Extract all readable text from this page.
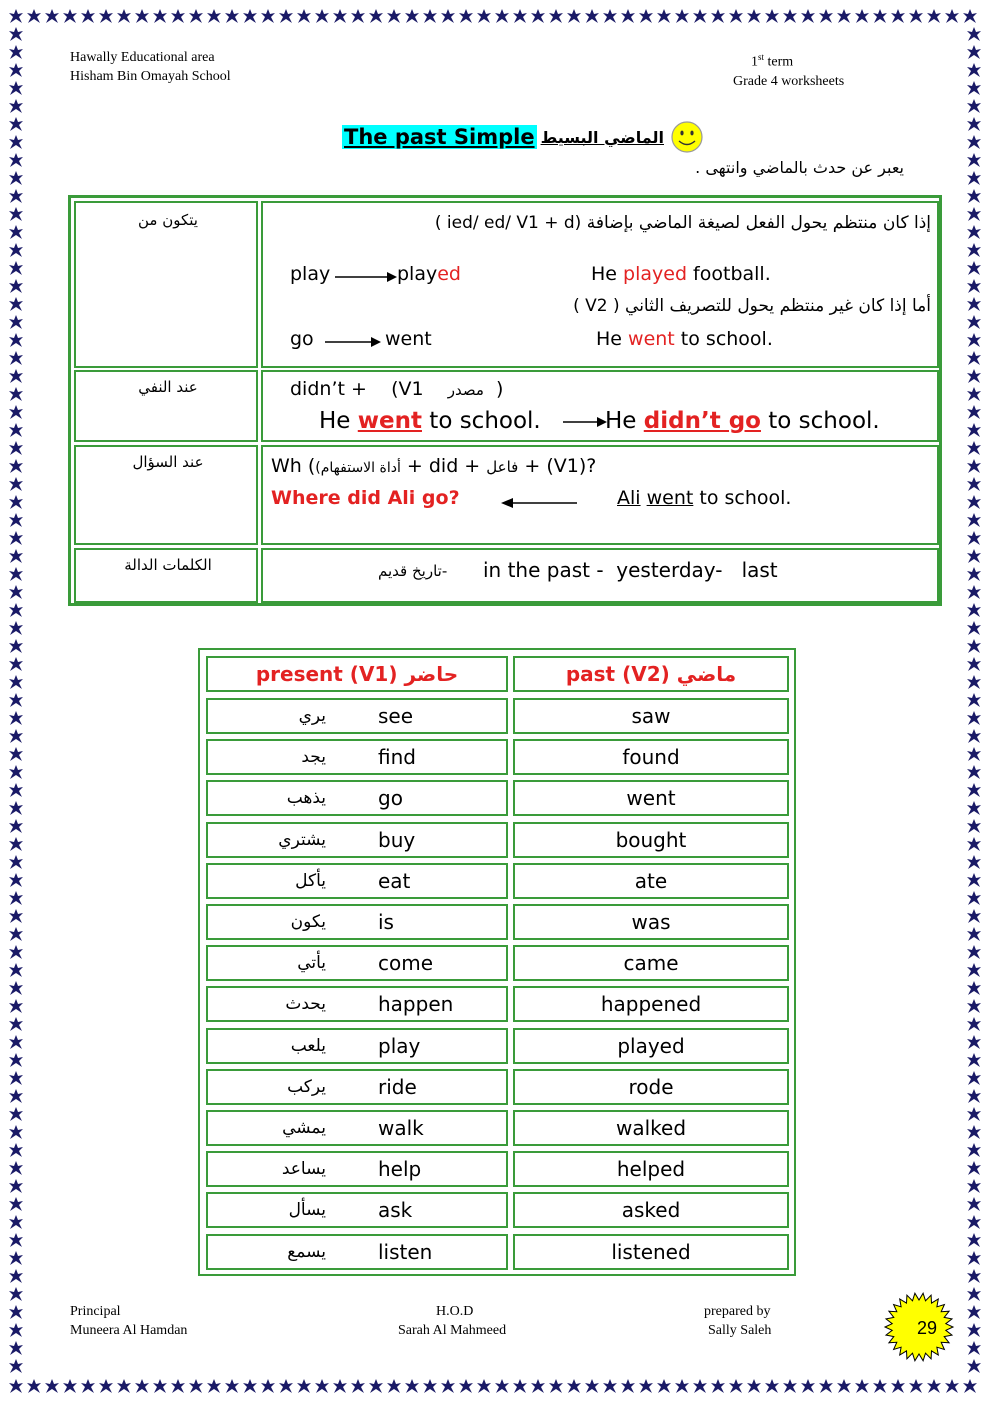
Hawally Educational area
Hisham Bin Omayah School
1st term
Grade 4 worksheets
The past Simple الماضي البسيط
يعبر عن حدث بالماضي وانتهى .
يتكون من	إذا كان منتظم يحول الفعل لصيغة الماضي بإضافة (ied/ ed/ V1 + d )
play	played	He played football.
أما إذا كان غير منتظم يحول للتصريف الثاني ( V2 )
go	went	He went to school.
عند النفي	didn’t + (V1 مصدر )
He went to school.	He didn’t go to school.
عند السؤال	Wh ((أداة الاستفهام + did + فاعل + (V1)?
Where did Ali go?	Ali went to school.
الكلمات الدالة	تاريخ قديم- in the past -  yesterday-   last
present (V1) حاضر	past (V2) ماضي
يري	see	saw
يجد	find	found
يذهب	go	went
يشتري	buy	bought
يأكل	eat	ate
يكون	is	was
يأتي	come	came
يحدث	happen	happened
يلعب	play	played
يركب	ride	rode
يمشي	walk	walked
يساعد	help	helped
يسأل	ask	asked
يسمع	listen	listened
Principal
Muneera Al Hamdan
H.O.D
Sarah Al Mahmeed
prepared by
Sally Saleh	29
